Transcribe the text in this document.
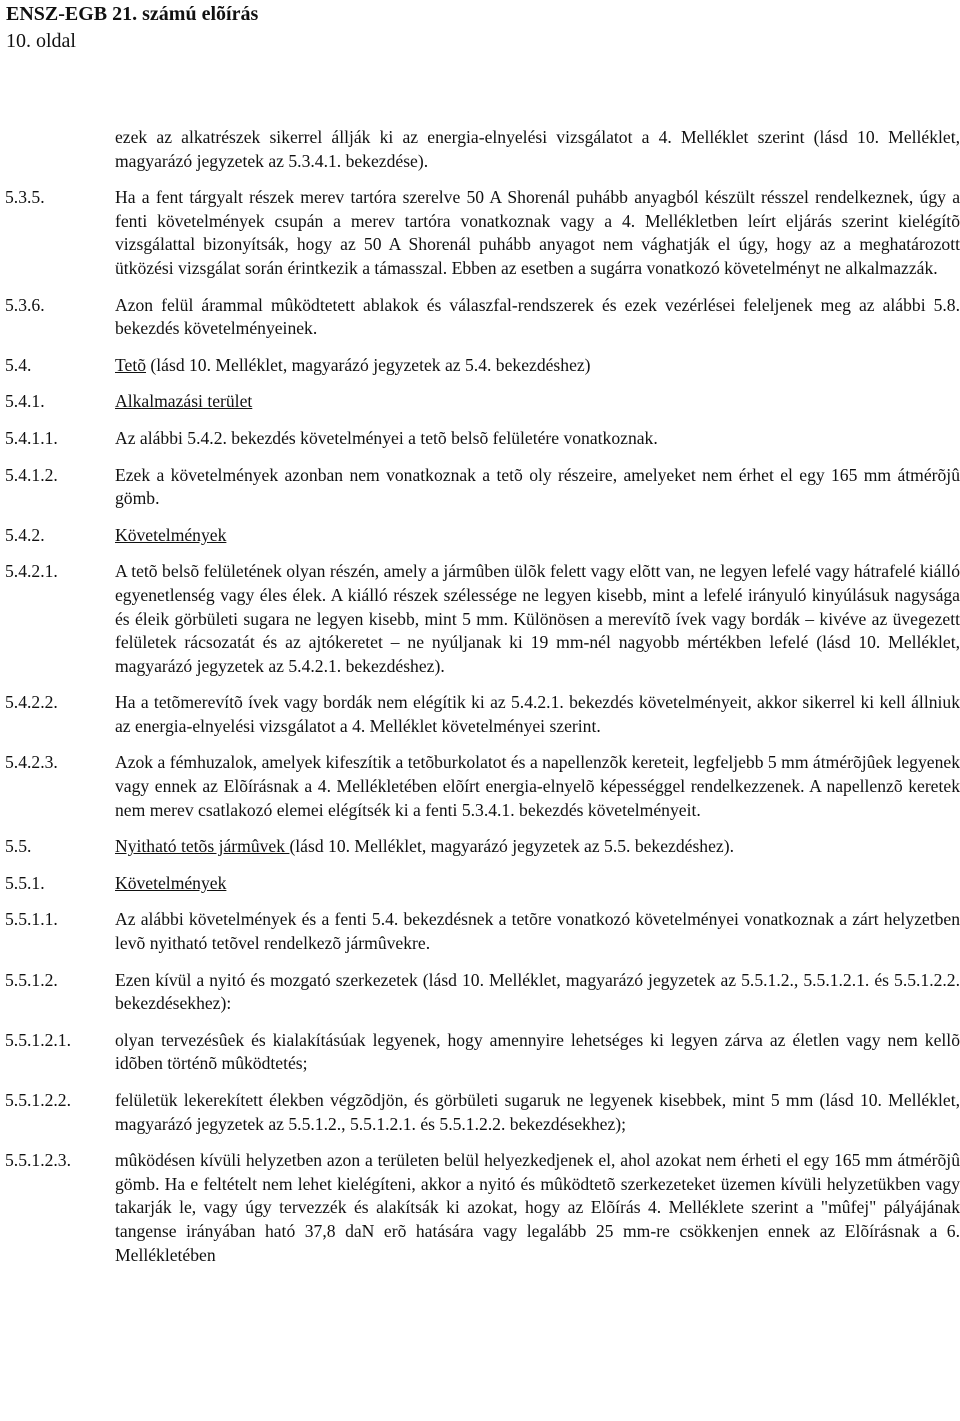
ENSZ-EGB 21. számú elõírás
10. oldal
ezek az alkatrészek sikerrel állják ki az energia-elnyelési vizsgálatot a 4. Melléklet szerint (lásd 10. Melléklet, magyarázó jegyzetek az 5.3.4.1. bekezdése).
5.3.5.	Ha a fent tárgyalt részek merev tartóra szerelve 50 A Shorenál puhább anyagból készült résszel rendelkeznek, úgy a fenti követelmények csupán a merev tartóra vonatkoznak vagy a 4. Mellékletben leírt eljárás szerint kielégítõ vizsgálattal bizonyítsák, hogy az 50 A Shorenál puhább anyagot nem vághatják el úgy, hogy az a meghatározott ütközési vizsgálat során érintkezik a támasszal. Ebben az esetben a sugárra vonatkozó követelményt ne alkalmazzák.
5.3.6.	Azon felül árammal mûködtetett ablakok és válaszfal-rendszerek és ezek vezérlései feleljenek meg az alábbi 5.8. bekezdés követelményeinek.
5.4.	Tetõ (lásd 10. Melléklet, magyarázó jegyzetek az 5.4. bekezdéshez)
5.4.1.	Alkalmazási terület
5.4.1.1.	Az alábbi 5.4.2. bekezdés követelményei a tetõ belsõ felületére vonatkoznak.
5.4.1.2.	Ezek a követelmények azonban nem vonatkoznak a tetõ oly részeire, amelyeket nem érhet el egy 165 mm átmérõjû gömb.
5.4.2.	Követelmények
5.4.2.1.	A tetõ belsõ felületének olyan részén, amely a jármûben ülõk felett vagy elõtt van, ne legyen lefelé vagy hátrafelé kiálló egyenetlenség vagy éles élek. A kiálló részek szélessége ne legyen kisebb, mint a lefelé irányuló kinyúlásuk nagysága és éleik görbületi sugara ne legyen kisebb, mint 5 mm. Különösen a merevítõ ívek vagy bordák – kivéve az üvegezett felületek rácsozatát és az ajtókeretet – ne nyúljanak ki 19 mm-nél nagyobb mértékben lefelé (lásd 10. Melléklet, magyarázó jegyzetek az 5.4.2.1. bekezdéshez).
5.4.2.2.	Ha a tetõmerevítõ ívek vagy bordák nem elégítik ki az 5.4.2.1. bekezdés követelményeit, akkor sikerrel ki kell állniuk az energia-elnyelési vizsgálatot a 4. Melléklet követelményei szerint.
5.4.2.3.	Azok a fémhuzalok, amelyek kifeszítik a tetõburkolatot és a napellenzõk kereteit, legfeljebb 5 mm átmérõjûek legyenek vagy ennek az Elõírásnak a 4. Mellékletében elõírt energia-elnyelõ képességgel rendelkezzenek. A napellenzõ keretek nem merev csatlakozó elemei elégítsék ki a fenti 5.3.4.1. bekezdés követelményeit.
5.5.	Nyitható tetõs jármûvek (lásd 10. Melléklet, magyarázó jegyzetek az 5.5. bekezdéshez).
5.5.1.	Követelmények
5.5.1.1.	Az alábbi követelmények és a fenti 5.4. bekezdésnek a tetõre vonatkozó követelményei vonatkoznak a zárt helyzetben levõ nyitható tetõvel rendelkezõ jármûvekre.
5.5.1.2.	Ezen kívül a nyitó és mozgató szerkezetek (lásd 10. Melléklet, magyarázó jegyzetek az 5.5.1.2., 5.5.1.2.1. és 5.5.1.2.2. bekezdésekhez):
5.5.1.2.1.	olyan tervezésûek és kialakításúak legyenek, hogy amennyire lehetséges ki legyen zárva az életlen vagy nem kellõ idõben történõ mûködtetés;
5.5.1.2.2.	felületük lekerekített élekben végzõdjön, és görbületi sugaruk ne legyenek kisebbek, mint 5 mm (lásd 10. Melléklet, magyarázó jegyzetek az 5.5.1.2., 5.5.1.2.1. és 5.5.1.2.2. bekezdésekhez);
5.5.1.2.3.	mûködésen kívüli helyzetben azon a területen belül helyezkedjenek el, ahol azokat nem érheti el egy 165 mm átmérõjû gömb. Ha e feltételt nem lehet kielégíteni, akkor a nyitó és mûködtetõ szerkezeteket üzemen kívüli helyzetükben vagy takarják le, vagy úgy tervezzék és alakítsák ki azokat, hogy az Elõírás 4. Melléklete szerint a "mûfej" pályájának tangense irányában ható 37,8 daN erõ hatására vagy legalább 25 mm-re csökkenjen ennek az Elõírásnak a 6. Mellékletében
